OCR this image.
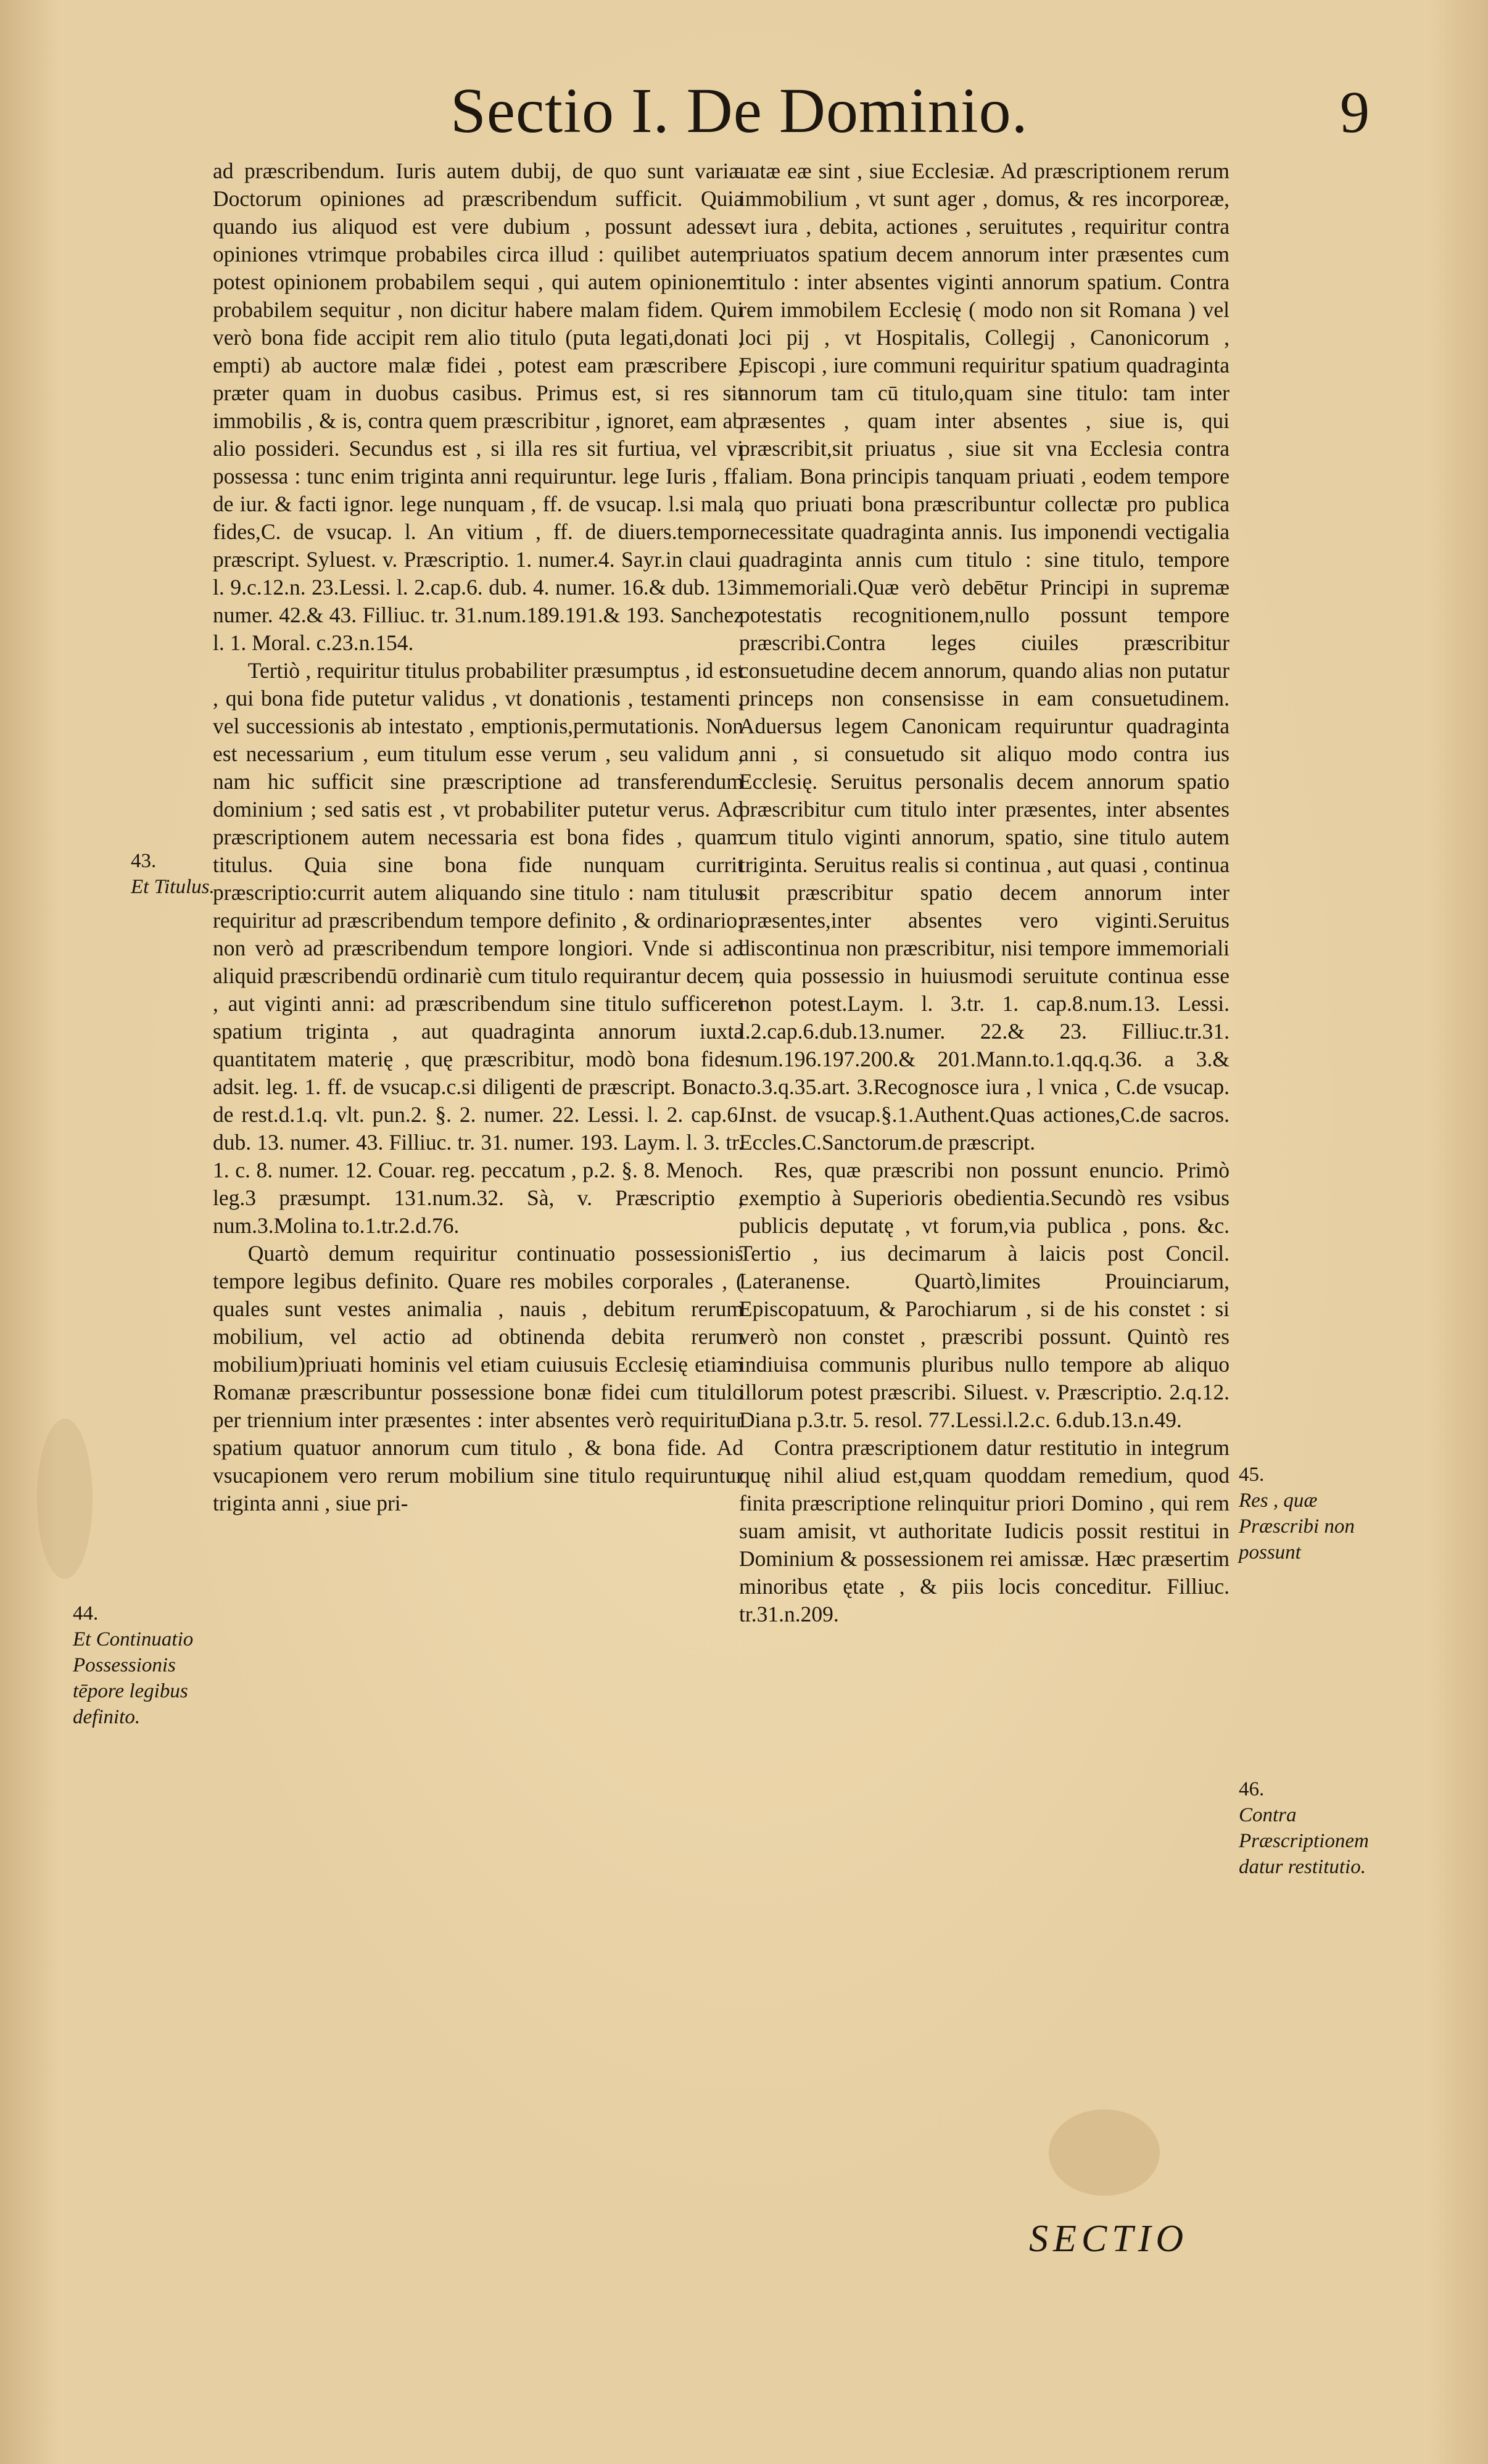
Sectio I. De Dominio.	9

ad præscribendum. Iuris autem dubij, de quo sunt variæ Doctorum opiniones ad præscribendum sufficit. Quia quando ius aliquod est vere dubium , possunt adesse opiniones vtrimque probabiles circa illud : quilibet autem potest opinionem probabilem sequi , qui autem opinionem probabilem sequitur , non dicitur habere malam fidem. Qui verò bona fide accipit rem alio titulo (puta legati,donati , empti) ab auctore malæ fidei , potest eam præscribere , præter quam in duobus casibus. Primus est, si res sit immobilis , & is, contra quem præscribitur , ignoret, eam ab alio possideri. Secundus est , si illa res sit furtiua, vel vi possessa : tunc enim triginta anni requiruntur. lege Iuris , ff. de iur. & facti ignor. lege nunquam , ff. de vsucap. l.si mala fides,C. de vsucap. l. An vitium , ff. de diuers.tempor. præscript. Syluest. v. Præscriptio. 1. numer.4. Sayr.in claui , l. 9.c.12.n. 23.Lessi. l. 2.cap.6. dub. 4. numer. 16.& dub. 13. numer. 42.& 43. Filliuc. tr. 31.num.189.191.& 193. Sanchez l. 1. Moral. c.23.n.154.

Tertiò , requiritur titulus probabiliter præsumptus , id est , qui bona fide putetur validus , vt donationis , testamenti , vel successionis ab intestato , emptionis,permutationis. Non est necessarium , eum titulum esse verum , seu validum , nam hic sufficit sine præscriptione ad transferendum dominium ; sed satis est , vt probabiliter putetur verus. Ad præscriptionem autem necessaria est bona fides , quam titulus. Quia sine bona fide nunquam currit præscriptio:currit autem aliquando sine titulo : nam titulus requiritur ad præscribendum tempore definito , & ordinario; non verò ad præscribendum tempore longiori. Vnde si ad aliquid præscribendū ordinariè cum titulo requirantur decem , aut viginti anni: ad præscribendum sine titulo sufficeret spatium triginta , aut quadraginta annorum iuxta quantitatem materię , quę præscribitur, modò bona fides adsit. leg. 1. ff. de vsucap.c.si diligenti de præscript. Bonac. de rest.d.1.q. vlt. pun.2. §. 2. numer. 22. Lessi. l. 2. cap.6. dub. 13. numer. 43. Filliuc. tr. 31. numer. 193. Laym. l. 3. tr. 1. c. 8. numer. 12. Couar. reg. peccatum , p.2. §. 8. Menoch. leg.3 præsumpt. 131.num.32. Sà, v. Præscriptio , num.3.Molina to.1.tr.2.d.76.

Quartò demum requiritur continuatio possessionis tempore legibus definito. Quare res mobiles corporales , ( quales sunt vestes animalia , nauis , debitum rerum mobilium, vel actio ad obtinenda debita rerum mobilium)priuati hominis vel etiam cuiusuis Ecclesię etiam Romanæ præscribuntur possessione bonæ fidei cum titulo per triennium inter præsentes : inter absentes verò requiritur spatium quatuor annorum cum titulo , & bona fide. Ad vsucapionem vero rerum mobilium sine titulo requiruntur triginta anni , siue pri-

uatæ eæ sint , siue Ecclesiæ. Ad præscriptionem rerum immobilium , vt sunt ager , domus, & res incorporeæ, vt iura , debita, actiones , seruitutes , requiritur contra priuatos spatium decem annorum inter præsentes cum titulo : inter absentes viginti annorum spatium. Contra rem immobilem Ecclesię ( modo non sit Romana ) vel loci pij , vt Hospitalis, Collegij , Canonicorum , Episcopi , iure communi requiritur spatium quadraginta annorum tam cū titulo,quam sine titulo: tam inter præsentes , quam inter absentes , siue is, qui præscribit,sit priuatus , siue sit vna Ecclesia contra aliam. Bona principis tanquam priuati , eodem tempore , quo priuati bona præscribuntur collectæ pro publica necessitate quadraginta annis. Ius imponendi vectigalia quadraginta annis cum titulo : sine titulo, tempore immemoriali.Quæ verò debētur Principi in supremæ potestatis recognitionem,nullo possunt tempore præscribi.Contra leges ciuiles præscribitur consuetudine decem annorum, quando alias non putatur princeps non consensisse in eam consuetudinem. Aduersus legem Canonicam requiruntur quadraginta anni , si consuetudo sit aliquo modo contra ius Ecclesię. Seruitus personalis decem annorum spatio præscribitur cum titulo inter præsentes, inter absentes cum titulo viginti annorum, spatio, sine titulo autem triginta. Seruitus realis si continua , aut quasi , continua sit præscribitur spatio decem annorum inter præsentes,inter absentes vero viginti.Seruitus discontinua non præscribitur, nisi tempore immemoriali , quia possessio in huiusmodi seruitute continua esse non potest.Laym. l. 3.tr. 1. cap.8.num.13. Lessi. l.2.cap.6.dub.13.numer. 22.& 23. Filliuc.tr.31. num.196.197.200.& 201.Mann.to.1.qq.q.36. a 3.& to.3.q.35.art. 3.Recognosce iura , l vnica , C.de vsucap. Inst. de vsucap.§.1.Authent.Quas actiones,C.de sacros. Eccles.C.Sanctorum.de præscript.

Res, quæ præscribi non possunt enuncio. Primò exemptio à Superioris obedientia.Secundò res vsibus publicis deputatę , vt forum,via publica , pons. &c. Tertio , ius decimarum à laicis post Concil. Lateranense. Quartò,limites Prouinciarum, Episcopatuum, & Parochiarum , si de his constet : si verò non constet , præscribi possunt. Quintò res indiuisa communis pluribus nullo tempore ab aliquo illorum potest præscribi. Siluest. v. Præscriptio. 2.q.12. Diana p.3.tr. 5. resol. 77.Lessi.l.2.c. 6.dub.13.n.49.

Contra præscriptionem datur restitutio in integrum quę nihil aliud est,quam quoddam remedium, quod finita præscriptione relinquitur priori Domino , qui rem suam amisit, vt authoritate Iudicis possit restitui in Dominium & possessionem rei amissæ. Hæc præsertim minoribus ętate , & piis locis conceditur. Filliuc. tr.31.n.209.

43.
Et Titulus.
44.
Et Continuatio Possessionis tēpore legibus definito.
45.
Res , quæ Præscribi non possunt
46.
Contra Præscriptionem datur restitutio.
SECTIO
